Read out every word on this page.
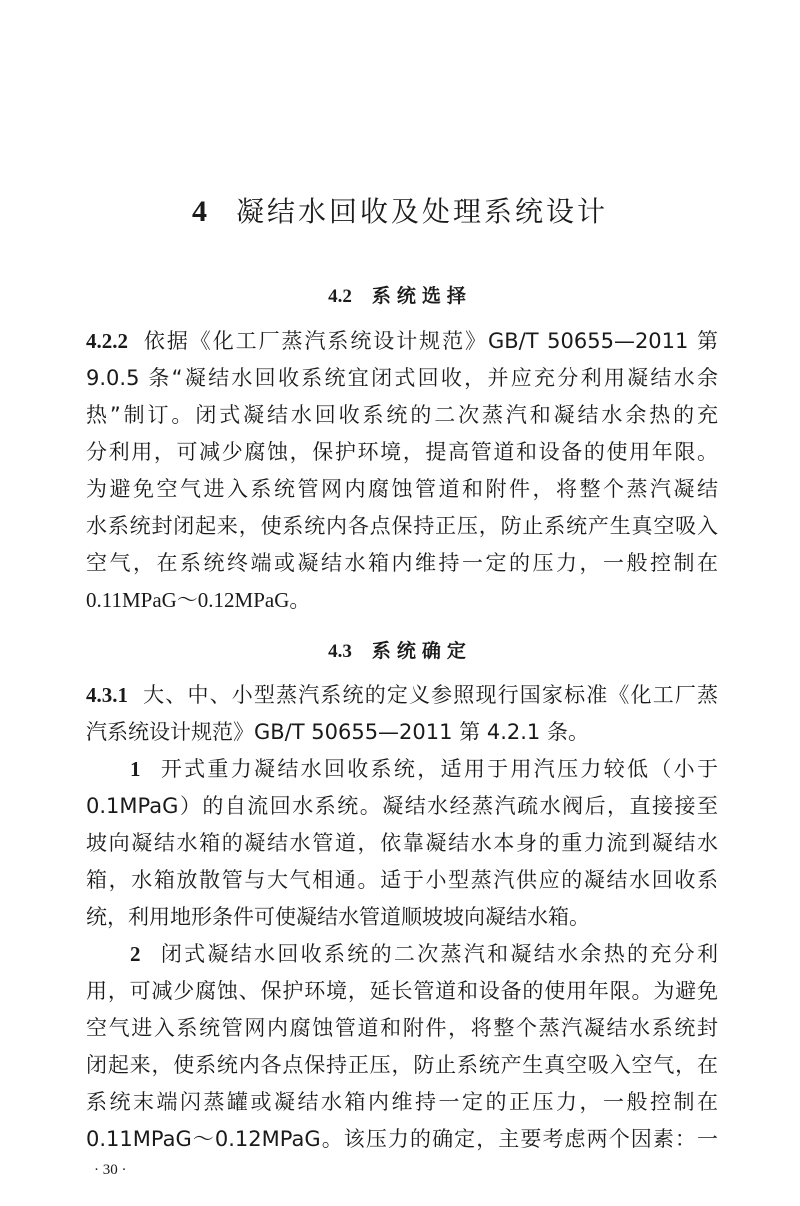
4 凝结水回收及处理系统设计
4.2 系统选择
4.2.2 依据《化工厂蒸汽系统设计规范》GB/T 50655—2011 第
9.0.5 条“凝结水回收系统宜闭式回收，并应充分利用凝结水余
热”制订。闭式凝结水回收系统的二次蒸汽和凝结水余热的充
分利用，可减少腐蚀，保护环境，提高管道和设备的使用年限。
为避免空气进入系统管网内腐蚀管道和附件，将整个蒸汽凝结
水系统封闭起来，使系统内各点保持正压，防止系统产生真空吸入
空气，在系统终端或凝结水箱内维持一定的压力，一般控制在
0.11MPaG～0.12MPaG。
4.3 系统确定
4.3.1 大、中、小型蒸汽系统的定义参照现行国家标准《化工厂蒸
汽系统设计规范》GB/T 50655—2011 第 4.2.1 条。
1 开式重力凝结水回收系统，适用于用汽压力较低（小于
0.1MPaG）的自流回水系统。凝结水经蒸汽疏水阀后，直接接至
坡向凝结水箱的凝结水管道，依靠凝结水本身的重力流到凝结水
箱，水箱放散管与大气相通。适于小型蒸汽供应的凝结水回收系
统，利用地形条件可使凝结水管道顺坡坡向凝结水箱。
2 闭式凝结水回收系统的二次蒸汽和凝结水余热的充分利
用，可减少腐蚀、保护环境，延长管道和设备的使用年限。为避免
空气进入系统管网内腐蚀管道和附件，将整个蒸汽凝结水系统封
闭起来，使系统内各点保持正压，防止系统产生真空吸入空气，在
系统末端闪蒸罐或凝结水箱内维持一定的正压力，一般控制在
0.11MPaG～0.12MPaG。该压力的确定，主要考虑两个因素：一
· 30 ·
